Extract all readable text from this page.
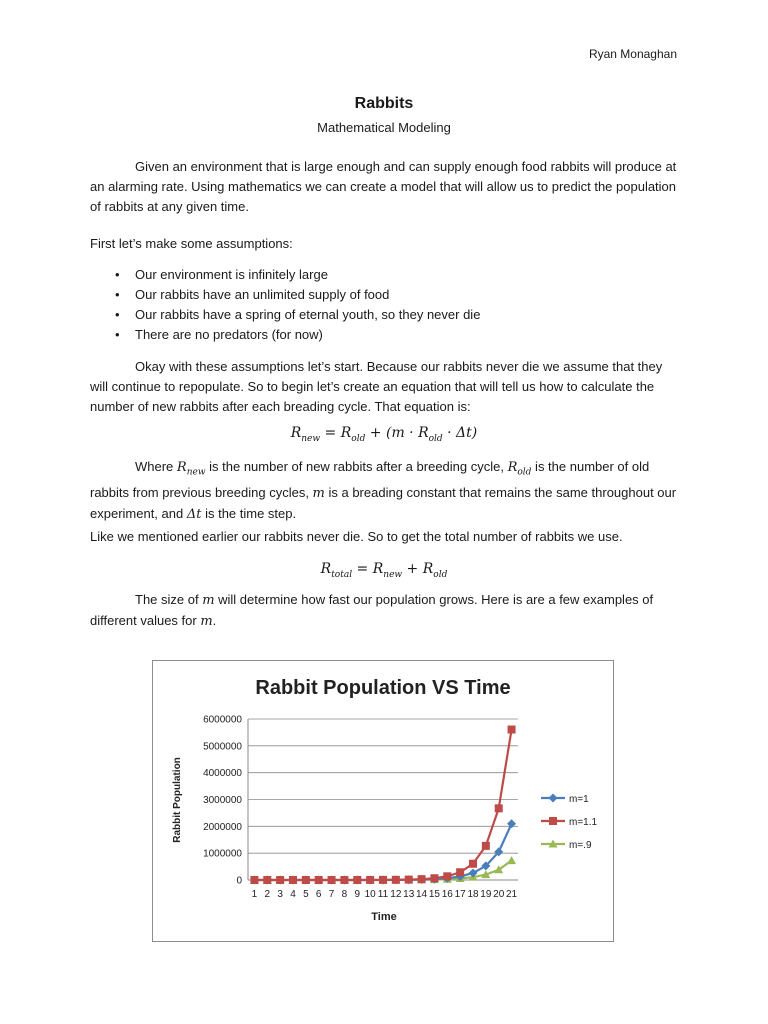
Ryan Monaghan
Rabbits
Mathematical Modeling
Given an environment that is large enough and can supply enough food rabbits will produce at an alarming rate. Using mathematics we can create a model that will allow us to predict the population of rabbits at any given time.
First let’s make some assumptions:
• Our environment is infinitely large
• Our rabbits have an unlimited supply of food
• Our rabbits have a spring of eternal youth, so they never die
• There are no predators (for now)
Okay with these assumptions let’s start. Because our rabbits never die we assume that they will continue to repopulate. So to begin let’s create an equation that will tell us how to calculate the number of new rabbits after each breading cycle. That equation is:
$R_{new} = R_{old} + (m \cdot R_{old} \cdot \Delta t)$
Where $R_{new}$ is the number of new rabbits after a breeding cycle, $R_{old}$ is the number of old rabbits from previous breeding cycles, m is a breading constant that remains the same throughout our experiment, and Δt is the time step.
Like we mentioned earlier our rabbits never die. So to get the total number of rabbits we use.
$R_{total} = R_{new} + R_{old}$
The size of m will determine how fast our population grows. Here is are a few examples of different values for m.
Rabbit Population VS Time
Rabbit Population
Time
0
1000000
2000000
3000000
4000000
5000000
6000000
1 2 3 4 5 6 7 8 9 10 11 12 13 14 15 16 17 18 19 20 21
m=1
m=1.1
m=.9
